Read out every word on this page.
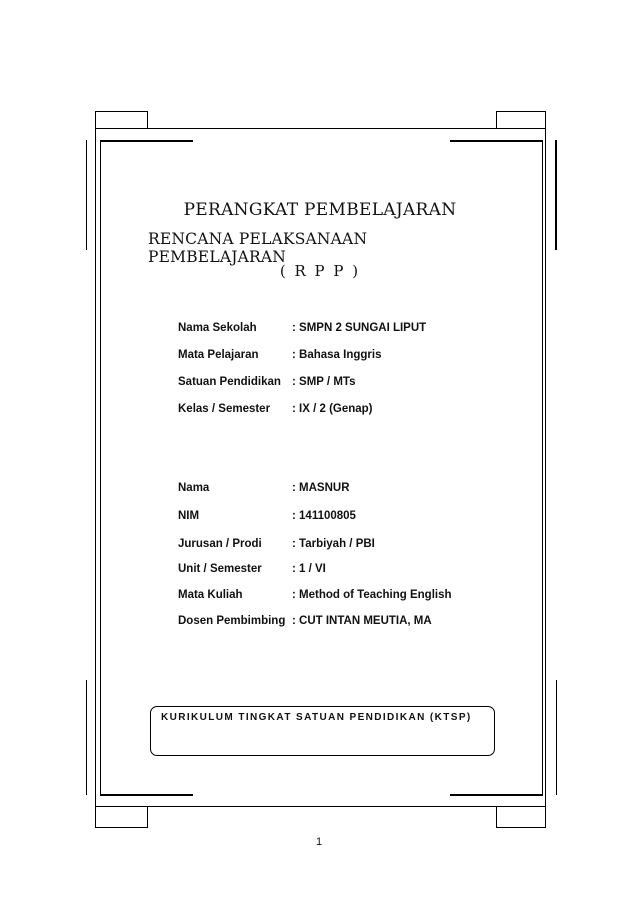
PERANGKAT PEMBELAJARAN
RENCANA PELAKSANAAN PEMBELAJARAN
( R P P )
Nama Sekolah	: SMPN 2 SUNGAI LIPUT
Mata Pelajaran	: Bahasa Inggris
Satuan Pendidikan : SMP / MTs
Kelas / Semester	: IX / 2 (Genap)
Nama	: MASNUR
NIM	: 141100805
Jurusan / Prodi	: Tarbiyah / PBI
Unit / Semester	: 1 / VI
Mata Kuliah	: Method of Teaching English
Dosen Pembimbing : CUT INTAN MEUTIA, MA
KURIKULUM TINGKAT SATUAN PENDIDIKAN (KTSP)
1
